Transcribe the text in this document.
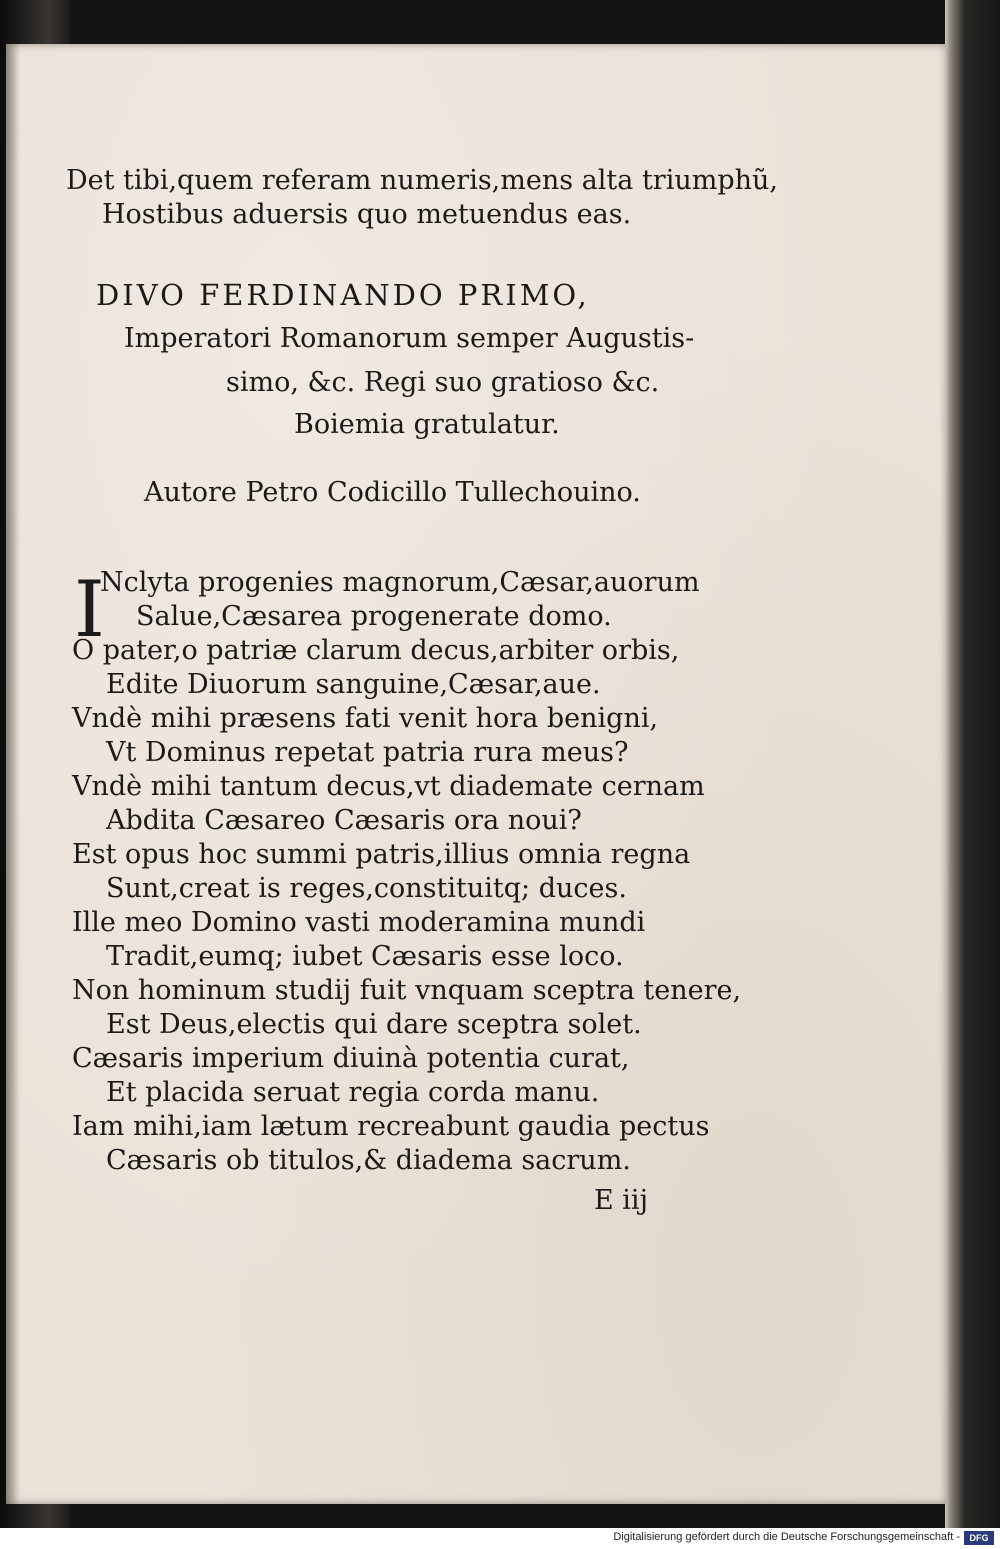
Det tibi,quem referam numeris,mens alta triumphũ,

Hostibus aduersis quo metuendus eas.

DIVO FERDINANDO PRIMO,

Imperatori Romanorum semper Augustis-

simo, &c. Regi suo gratioso &c.

Boiemia gratulatur.

Autore Petro Codicillo Tullechouino.

I

Nclyta progenies magnorum,Cæsar,auorum

Salue,Cæsarea progenerate domo.

O pater,o patriæ clarum decus,arbiter orbis,

Edite Diuorum sanguine,Cæsar,aue.

Vndè mihi præsens fati venit hora benigni,

Vt Dominus repetat patria rura meus?

Vndè mihi tantum decus,vt diademate cernam

Abdita Cæsareo Cæsaris ora noui?

Est opus hoc summi patris,illius omnia regna

Sunt,creat is reges,constituitq; duces.

Ille meo Domino vasti moderamina mundi

Tradit,eumq; iubet Cæsaris esse loco.

Non hominum studij fuit vnquam sceptra tenere,

Est Deus,electis qui dare sceptra solet.

Cæsaris imperium diuinà potentia curat,

Et placida seruat regia corda manu.

Iam mihi,iam lætum recreabunt gaudia pectus

Cæsaris ob titulos,& diadema sacrum.

E iij

Digitalisierung gefördert durch die Deutsche Forschungsgemeinschaft -	DFG
